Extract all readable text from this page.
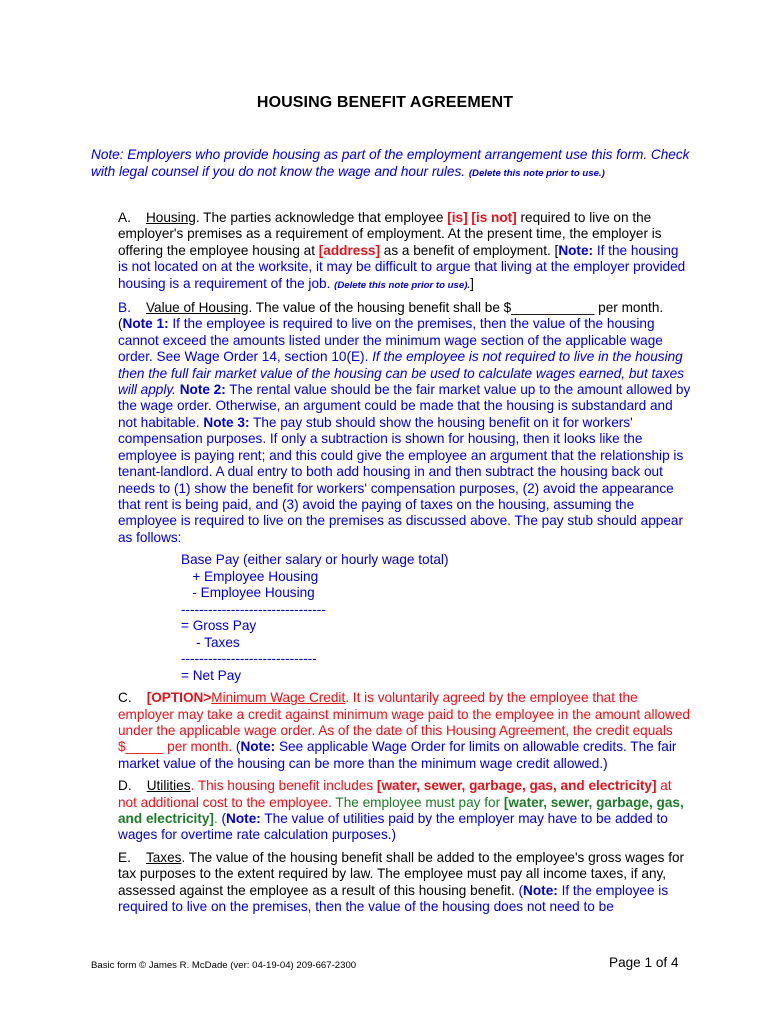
HOUSING BENEFIT AGREEMENT
Note: Employers who provide housing as part of the employment arrangement use this form. Check with legal counsel if you do not know the wage and hour rules. (Delete this note prior to use.)

A. Housing. The parties acknowledge that employee [is] [is not] required to live on the employer's premises as a requirement of employment. At the present time, the employer is offering the employee housing at [address] as a benefit of employment. [Note: If the housing is not located on at the worksite, it may be difficult to argue that living at the employer provided housing is a requirement of the job. (Delete this note prior to use).]

B. Value of Housing. The value of the housing benefit shall be $___________ per month. (Note 1: If the employee is required to live on the premises, then the value of the housing cannot exceed the amounts listed under the minimum wage section of the applicable wage order. See Wage Order 14, section 10(E). If the employee is not required to live in the housing then the full fair market value of the housing can be used to calculate wages earned, but taxes will apply. Note 2: The rental value should be the fair market value up to the amount allowed by the wage order. Otherwise, an argument could be made that the housing is substandard and not habitable. Note 3: The pay stub should show the housing benefit on it for workers' compensation purposes. If only a subtraction is shown for housing, then it looks like the employee is paying rent; and this could give the employee an argument that the relationship is tenant-landlord. A dual entry to both add housing in and then subtract the housing back out needs to (1) show the benefit for workers' compensation purposes, (2) avoid the appearance that rent is being paid, and (3) avoid the paying of taxes on the housing, assuming the employee is required to live on the premises as discussed above. The pay stub should appear as follows:

Base Pay (either salary or hourly wage total)
+ Employee Housing
- Employee Housing
--------------------------------
= Gross Pay
- Taxes
------------------------------
= Net Pay

C. [OPTION>Minimum Wage Credit. It is voluntarily agreed by the employee that the employer may take a credit against minimum wage paid to the employee in the amount allowed under the applicable wage order. As of the date of this Housing Agreement, the credit equals $_____ per month. (Note: See applicable Wage Order for limits on allowable credits. The fair market value of the housing can be more than the minimum wage credit allowed.)

D. Utilities. This housing benefit includes [water, sewer, garbage, gas, and electricity] at not additional cost to the employee. The employee must pay for [water, sewer, garbage, gas, and electricity]. (Note: The value of utilities paid by the employer may have to be added to wages for overtime rate calculation purposes.)

E. Taxes. The value of the housing benefit shall be added to the employee's gross wages for tax purposes to the extent required by law. The employee must pay all income taxes, if any, assessed against the employee as a result of this housing benefit. (Note: If the employee is required to live on the premises, then the value of the housing does not need to be

Basic form © James R. McDade (ver: 04-19-04) 209-667-2300	Page 1 of 4
